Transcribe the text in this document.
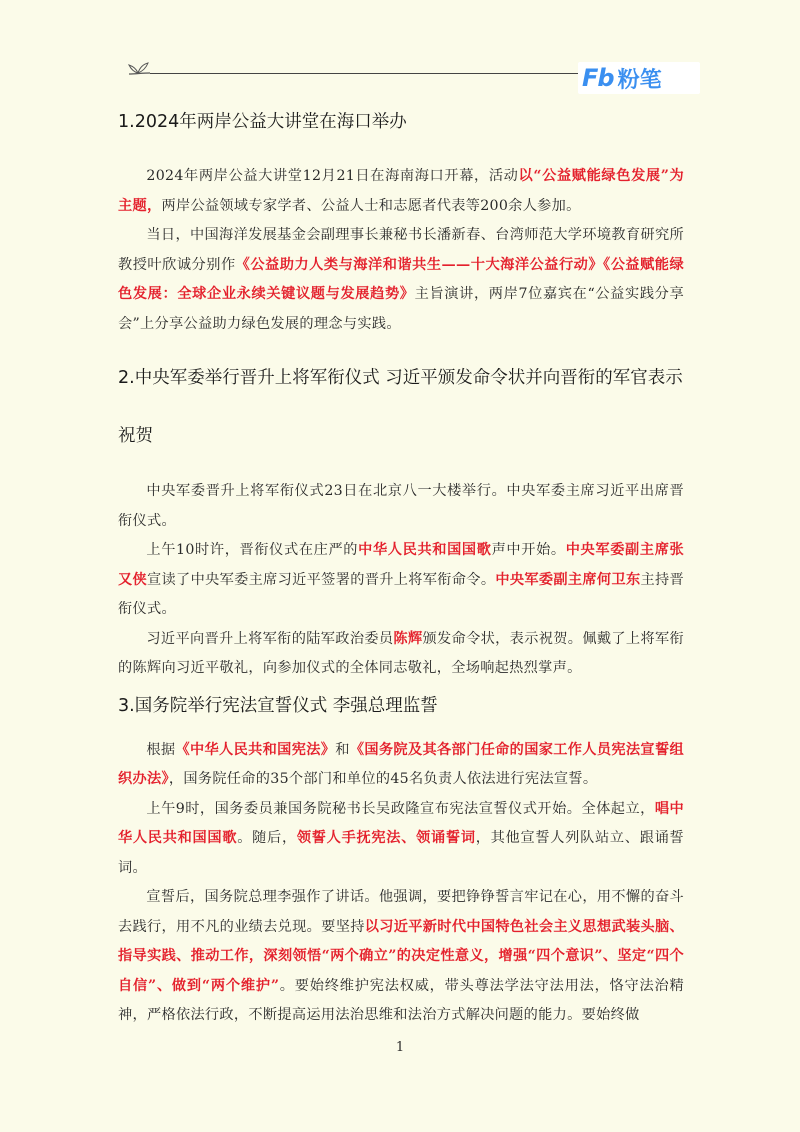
Fb 粉笔
1.2024年两岸公益大讲堂在海口举办

2024年两岸公益大讲堂12月21日在海南海口开幕，活动以“公益赋能绿色发展”为主题，两岸公益领域专家学者、公益人士和志愿者代表等200余人参加。

当日，中国海洋发展基金会副理事长兼秘书长潘新春、台湾师范大学环境教育研究所教授叶欣诚分别作《公益助力人类与海洋和谐共生——十大海洋公益行动》《公益赋能绿色发展：全球企业永续关键议题与发展趋势》主旨演讲，两岸7位嘉宾在“公益实践分享会”上分享公益助力绿色发展的理念与实践。

2.中央军委举行晋升上将军衔仪式 习近平颁发命令状并向晋衔的军官表示祝贺

中央军委晋升上将军衔仪式23日在北京八一大楼举行。中央军委主席习近平出席晋衔仪式。

上午10时许，晋衔仪式在庄严的中华人民共和国国歌声中开始。中央军委副主席张又侠宣读了中央军委主席习近平签署的晋升上将军衔命令。中央军委副主席何卫东主持晋衔仪式。

习近平向晋升上将军衔的陆军政治委员陈辉颁发命令状，表示祝贺。佩戴了上将军衔的陈辉向习近平敬礼，向参加仪式的全体同志敬礼，全场响起热烈掌声。

3.国务院举行宪法宣誓仪式 李强总理监誓

根据《中华人民共和国宪法》和《国务院及其各部门任命的国家工作人员宪法宣誓组织办法》，国务院任命的35个部门和单位的45名负责人依法进行宪法宣誓。

上午9时，国务委员兼国务院秘书长吴政隆宣布宪法宣誓仪式开始。全体起立，唱中华人民共和国国歌。随后，领誓人手抚宪法、领诵誓词，其他宣誓人列队站立、跟诵誓词。

宣誓后，国务院总理李强作了讲话。他强调，要把铮铮誓言牢记在心，用不懈的奋斗去践行，用不凡的业绩去兑现。要坚持以习近平新时代中国特色社会主义思想武装头脑、指导实践、推动工作，深刻领悟“两个确立”的决定性意义，增强“四个意识”、坚定“四个自信”、做到“两个维护”。要始终维护宪法权威，带头尊法学法守法用法，恪守法治精神，严格依法行政，不断提高运用法治思维和法治方式解决问题的能力。要始终做

1
